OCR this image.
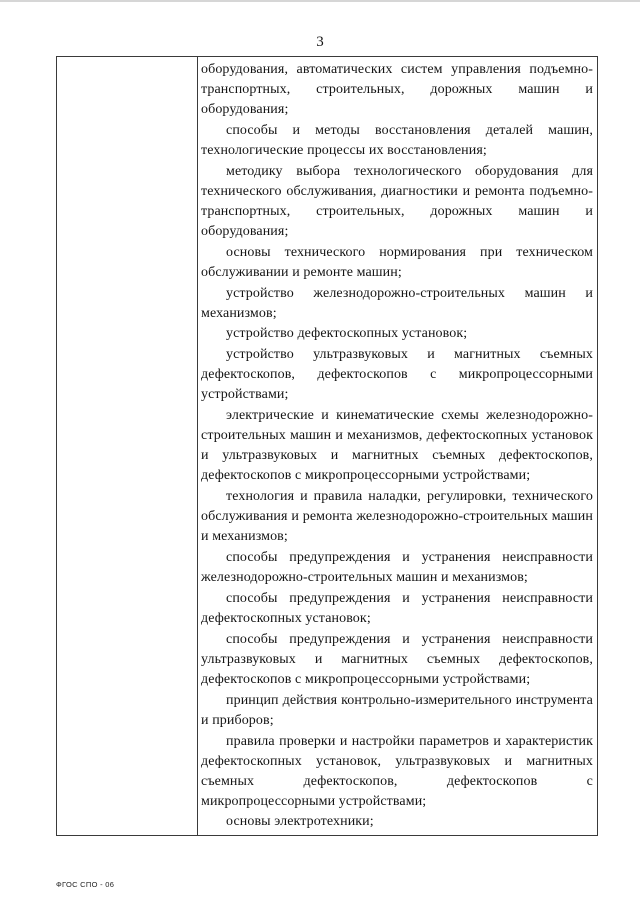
3

оборудования, автоматических систем управления подъемно-транспортных, строительных, дорожных машин и оборудования;

способы и методы восстановления деталей машин, технологические процессы их восстановления;

методику выбора технологического оборудования для технического обслуживания, диагностики и ремонта подъемно-транспортных, строительных, дорожных машин и оборудования;

основы технического нормирования при техническом обслуживании и ремонте машин;

устройство железнодорожно-строительных машин и механизмов;

устройство дефектоскопных установок;

устройство ультразвуковых и магнитных съемных дефектоскопов, дефектоскопов с микропроцессорными устройствами;

электрические и кинематические схемы железнодорожно-строительных машин и механизмов, дефектоскопных установок и ультразвуковых и магнитных съемных дефектоскопов, дефектоскопов с микропроцессорными устройствами;

технология и правила наладки, регулировки, технического обслуживания и ремонта железнодорожно-строительных машин и механизмов;

способы предупреждения и устранения неисправности железнодорожно-строительных машин и механизмов;

способы предупреждения и устранения неисправности дефектоскопных установок;

способы предупреждения и устранения неисправности ультразвуковых и магнитных съемных дефектоскопов, дефектоскопов с микропроцессорными устройствами;

принцип действия контрольно-измерительного инструмента и приборов;

правила проверки и настройки параметров и характеристик дефектоскопных установок, ультразвуковых и магнитных съемных дефектоскопов, дефектоскопов с микропроцессорными устройствами;

основы электротехники;

ФГОС СПО - 06
